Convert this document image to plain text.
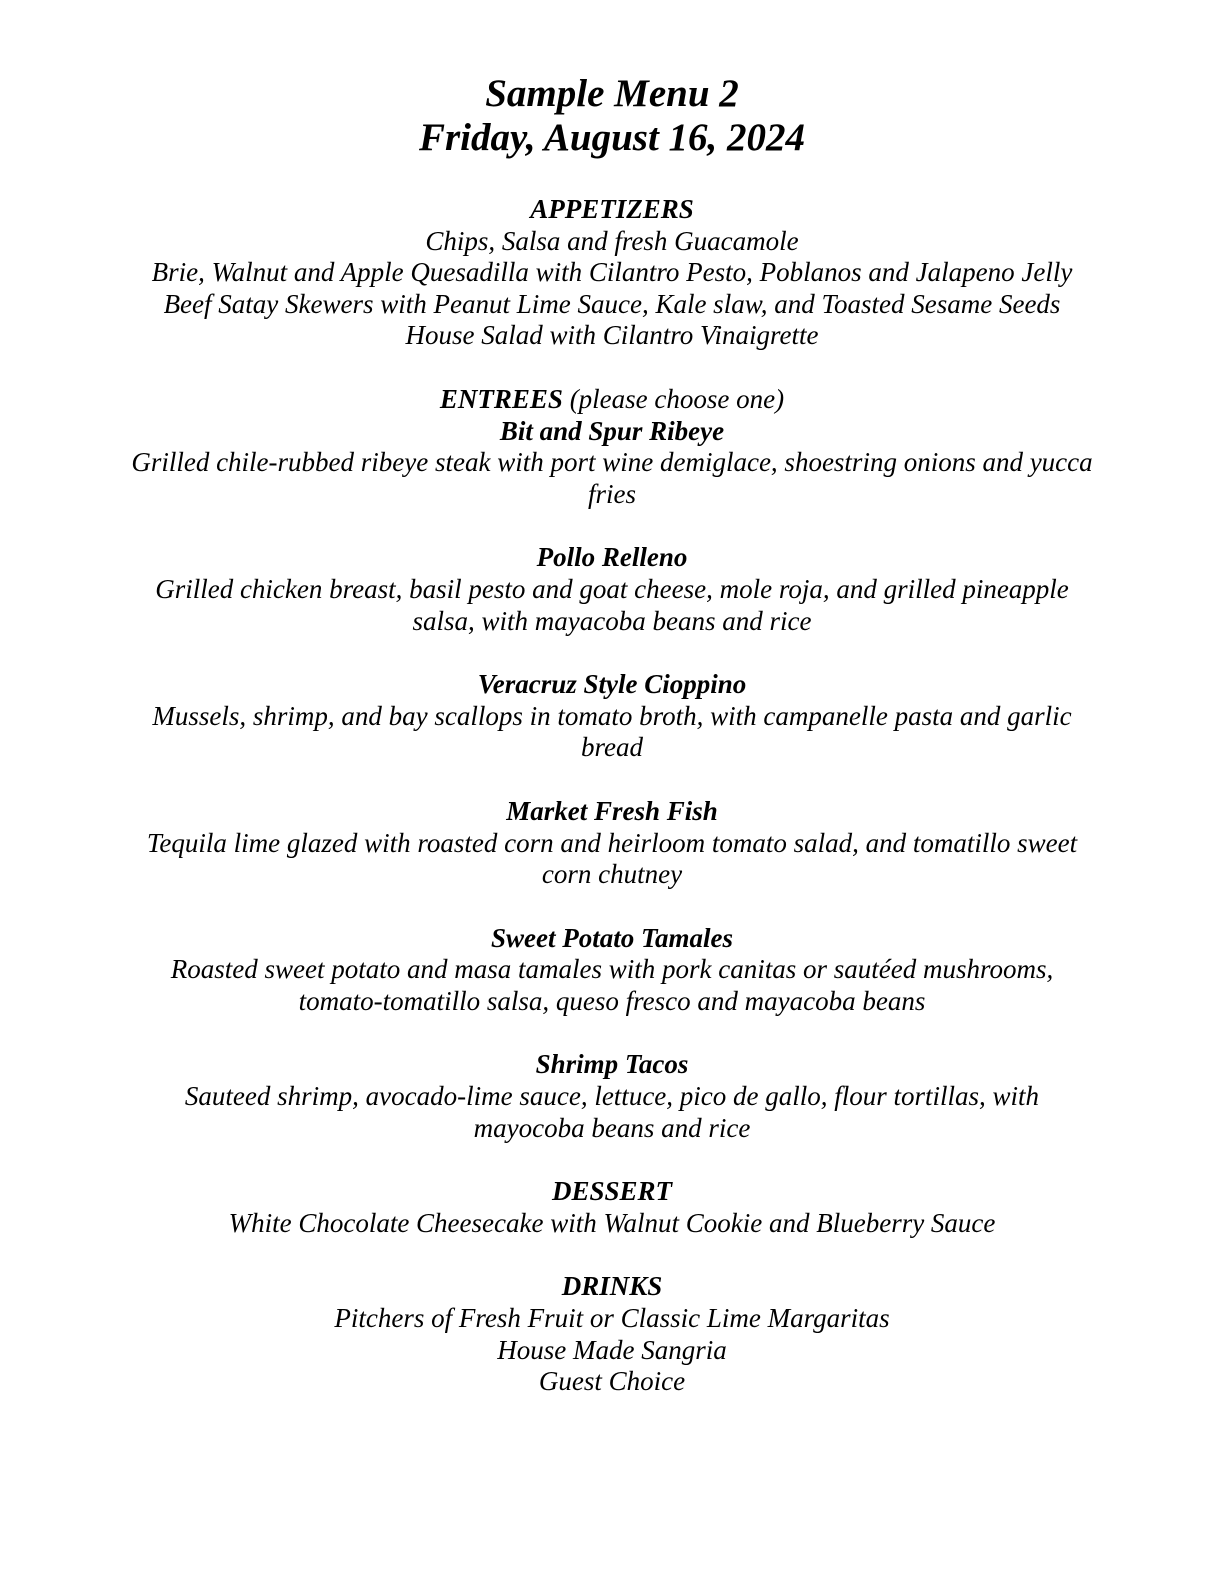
Sample Menu 2
Friday, August 16, 2024
APPETIZERS
Chips, Salsa and fresh Guacamole
Brie, Walnut and Apple Quesadilla with Cilantro Pesto, Poblanos and Jalapeno Jelly
Beef Satay Skewers with Peanut Lime Sauce, Kale slaw, and Toasted Sesame Seeds
House Salad with Cilantro Vinaigrette
ENTREES (please choose one)
Bit and Spur Ribeye
Grilled chile-rubbed ribeye steak with port wine demiglace, shoestring onions and yucca fries
Pollo Relleno
Grilled chicken breast, basil pesto and goat cheese, mole roja, and grilled pineapple salsa, with mayacoba beans and rice
Veracruz Style Cioppino
Mussels, shrimp, and bay scallops in tomato broth, with campanelle pasta and garlic bread
Market Fresh Fish
Tequila lime glazed with roasted corn and heirloom tomato salad, and tomatillo sweet corn chutney
Sweet Potato Tamales
Roasted sweet potato and masa tamales with pork canitas or sautéed mushrooms, tomato-tomatillo salsa, queso fresco and mayacoba beans
Shrimp Tacos
Sauteed shrimp, avocado-lime sauce, lettuce, pico de gallo, flour tortillas, with mayocoba beans and rice
DESSERT
White Chocolate Cheesecake with Walnut Cookie and Blueberry Sauce
DRINKS
Pitchers of Fresh Fruit or Classic Lime Margaritas
House Made Sangria
Guest Choice
